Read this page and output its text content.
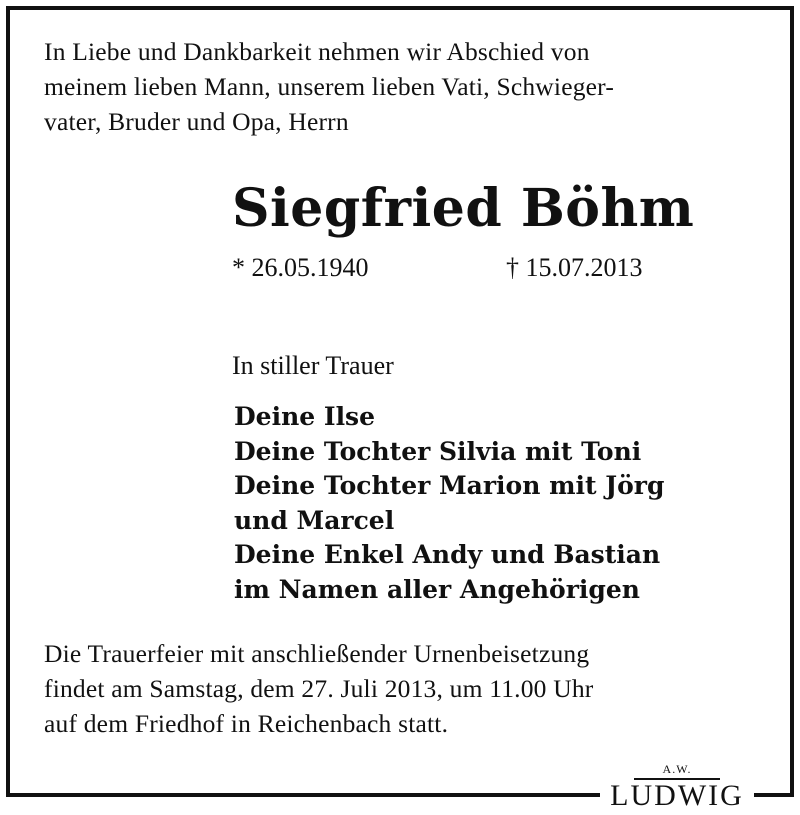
In Liebe und Dankbarkeit nehmen wir Abschied von
meinem lieben Mann, unserem lieben Vati, Schwieger-
vater, Bruder und Opa, Herrn
Siegfried Böhm
* 26.05.1940	† 15.07.2013
In stiller Trauer
Deine Ilse
Deine Tochter Silvia mit Toni
Deine Tochter Marion mit Jörg
und Marcel
Deine Enkel Andy und Bastian
im Namen aller Angehörigen
Die Trauerfeier mit anschließender Urnenbeisetzung
findet am Samstag, dem 27. Juli 2013, um 11.00 Uhr
auf dem Friedhof in Reichenbach statt.
A.W.
LUDWIG
